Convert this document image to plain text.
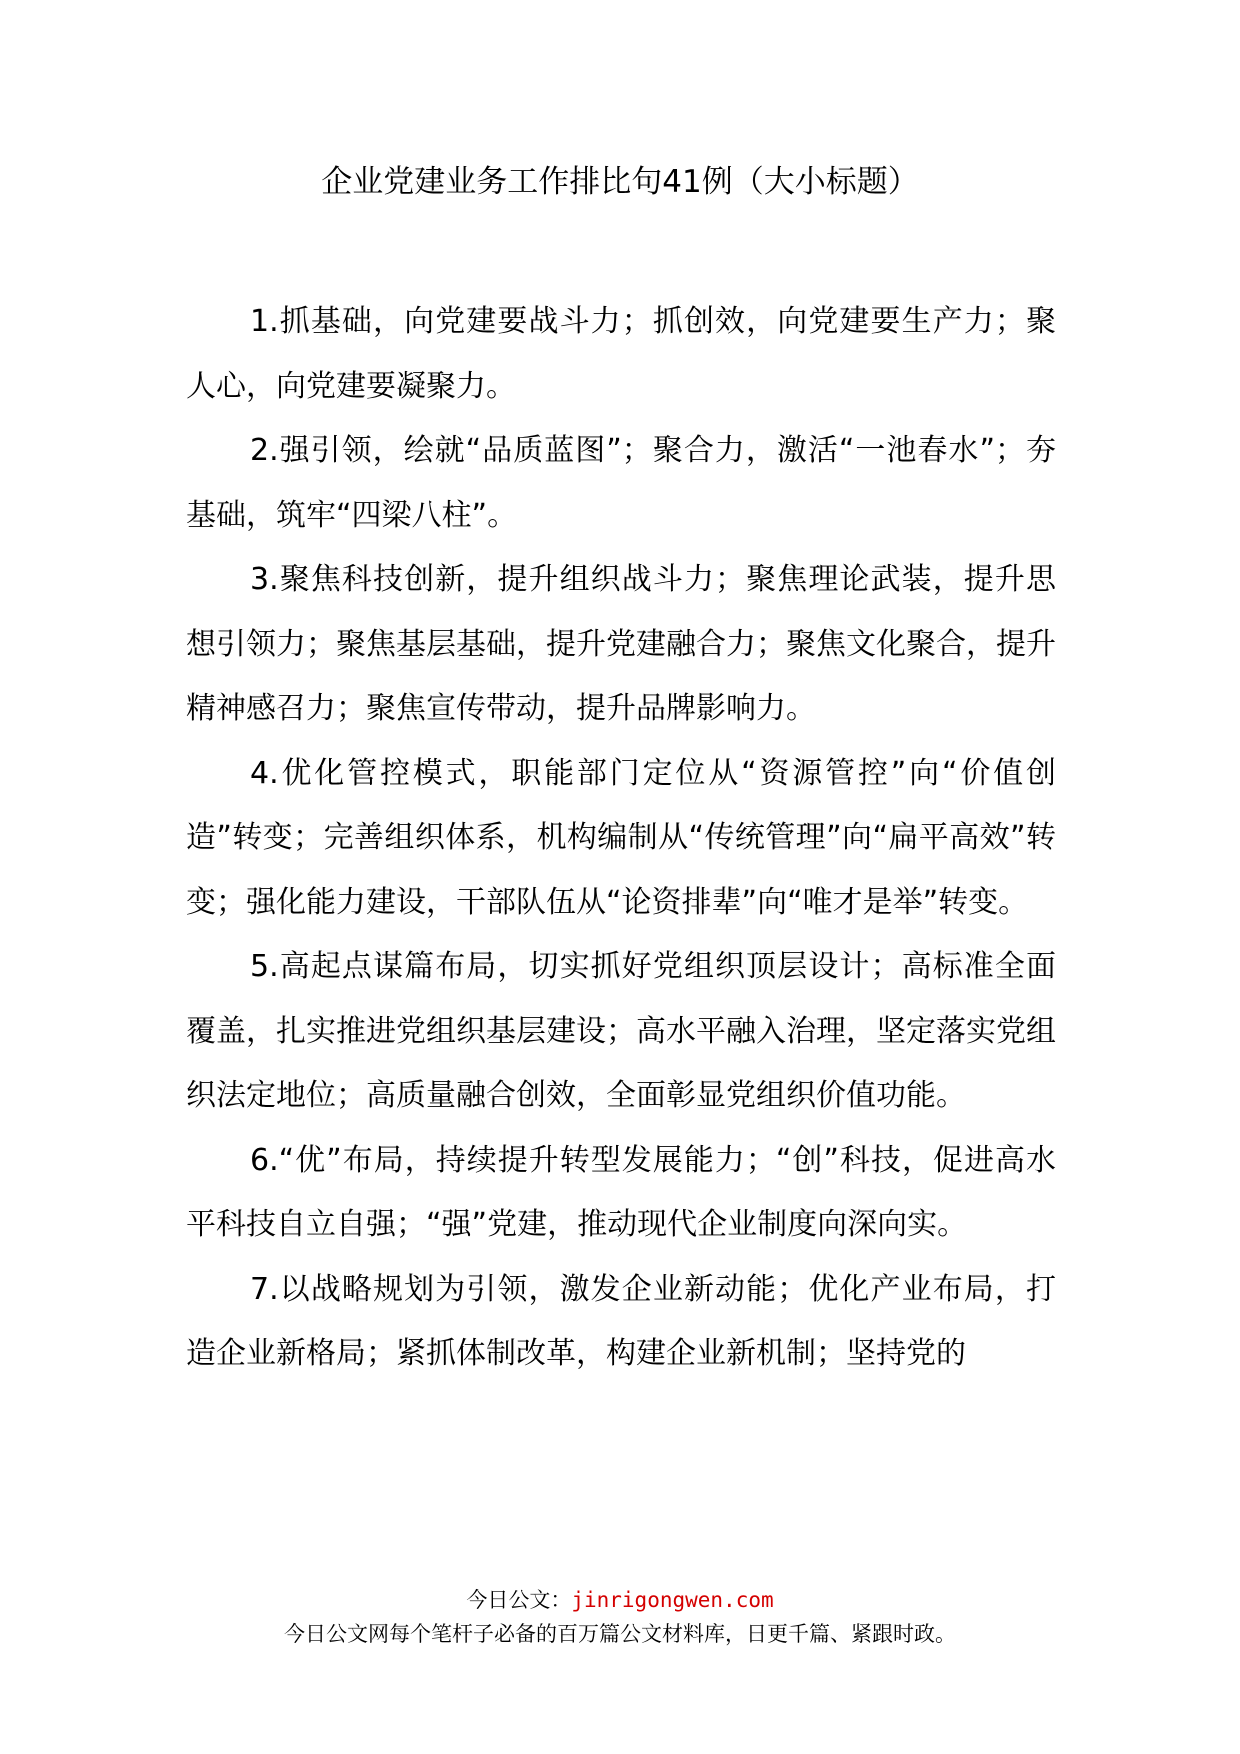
企业党建业务工作排比句41例（大小标题）

1.抓基础，向党建要战斗力；抓创效，向党建要生产力；聚人心，向党建要凝聚力。

2.强引领，绘就“品质蓝图”；聚合力，激活“一池春水”；夯基础，筑牢“四梁八柱”。

3.聚焦科技创新，提升组织战斗力；聚焦理论武装，提升思想引领力；聚焦基层基础，提升党建融合力；聚焦文化聚合，提升精神感召力；聚焦宣传带动，提升品牌影响力。

4.优化管控模式，职能部门定位从“资源管控”向“价值创造”转变；完善组织体系，机构编制从“传统管理”向“扁平高效”转变；强化能力建设，干部队伍从“论资排辈”向“唯才是举”转变。

5.高起点谋篇布局，切实抓好党组织顶层设计；高标准全面覆盖，扎实推进党组织基层建设；高水平融入治理，坚定落实党组织法定地位；高质量融合创效，全面彰显党组织价值功能。

6.“优”布局，持续提升转型发展能力；“创”科技，促进高水平科技自立自强；“强”党建，推动现代企业制度向深向实。

7.以战略规划为引领，激发企业新动能；优化产业布局，打造企业新格局；紧抓体制改革，构建企业新机制；坚持党的

今日公文：jinrigongwen.com
今日公文网每个笔杆子必备的百万篇公文材料库，日更千篇、紧跟时政。
